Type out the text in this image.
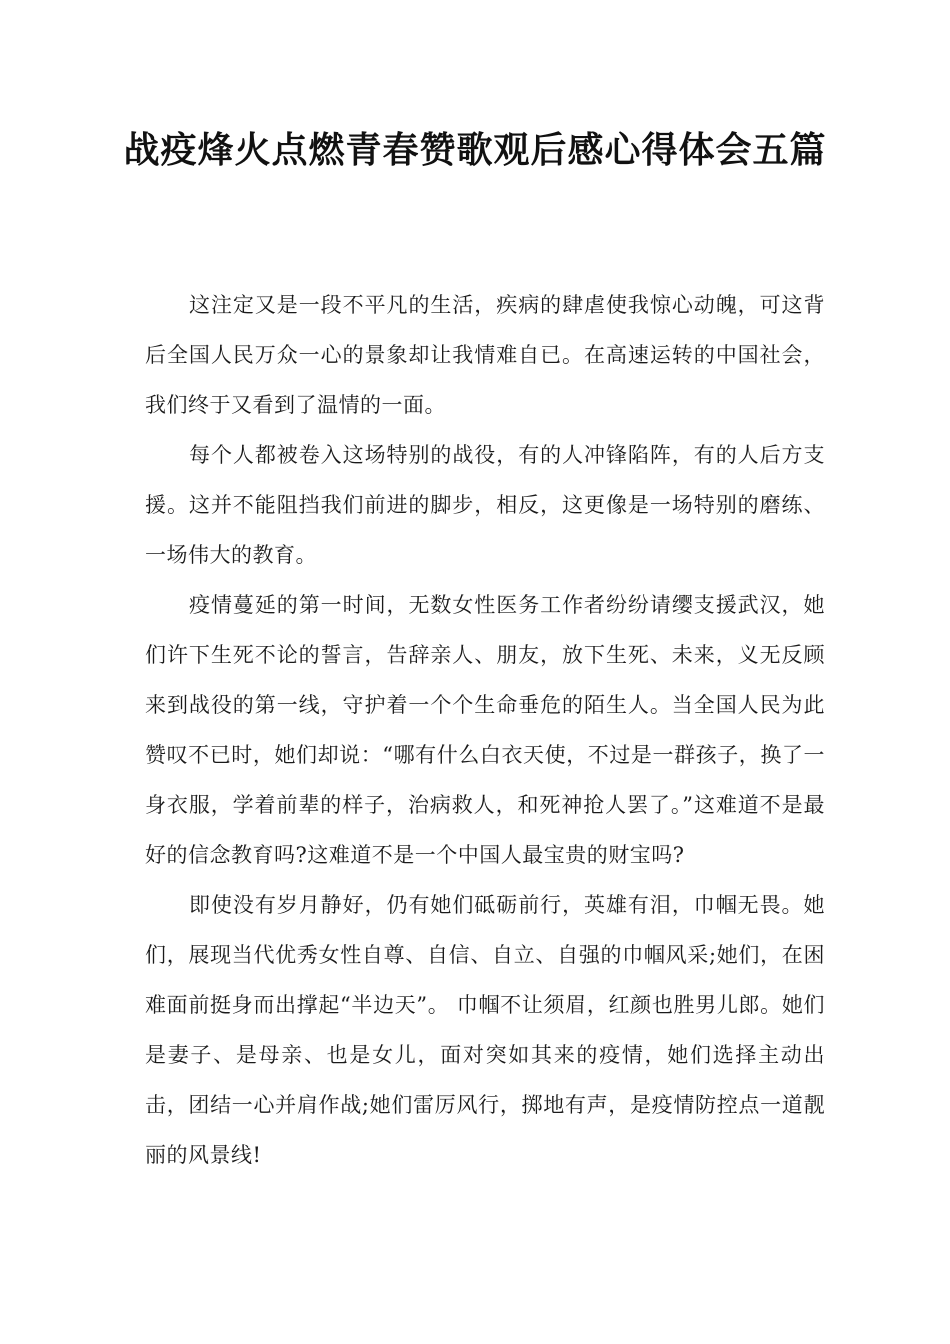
战疫烽火点燃青春赞歌观后感心得体会五篇

这注定又是一段不平凡的生活，疾病的肆虐使我惊心动魄，可这背后全国人民万众一心的景象却让我情难自已。在高速运转的中国社会，我们终于又看到了温情的一面。

每个人都被卷入这场特别的战役，有的人冲锋陷阵，有的人后方支援。这并不能阻挡我们前进的脚步，相反，这更像是一场特别的磨练、一场伟大的教育。

疫情蔓延的第一时间，无数女性医务工作者纷纷请缨支援武汉，她们许下生死不论的誓言，告辞亲人、朋友，放下生死、未来，义无反顾来到战役的第一线，守护着一个个生命垂危的陌生人。当全国人民为此赞叹不已时，她们却说：“哪有什么白衣天使，不过是一群孩子，换了一身衣服，学着前辈的样子，治病救人，和死神抢人罢了。”这难道不是最好的信念教育吗?这难道不是一个中国人最宝贵的财宝吗?

即使没有岁月静好，仍有她们砥砺前行，英雄有泪，巾帼无畏。她们，展现当代优秀女性自尊、自信、自立、自强的巾帼风采;她们，在困难面前挺身而出撑起“半边天”。 巾帼不让须眉，红颜也胜男儿郎。她们是妻子、是母亲、也是女儿，面对突如其来的疫情，她们选择主动出击，团结一心并肩作战;她们雷厉风行，掷地有声，是疫情防控点一道靓丽的风景线!
